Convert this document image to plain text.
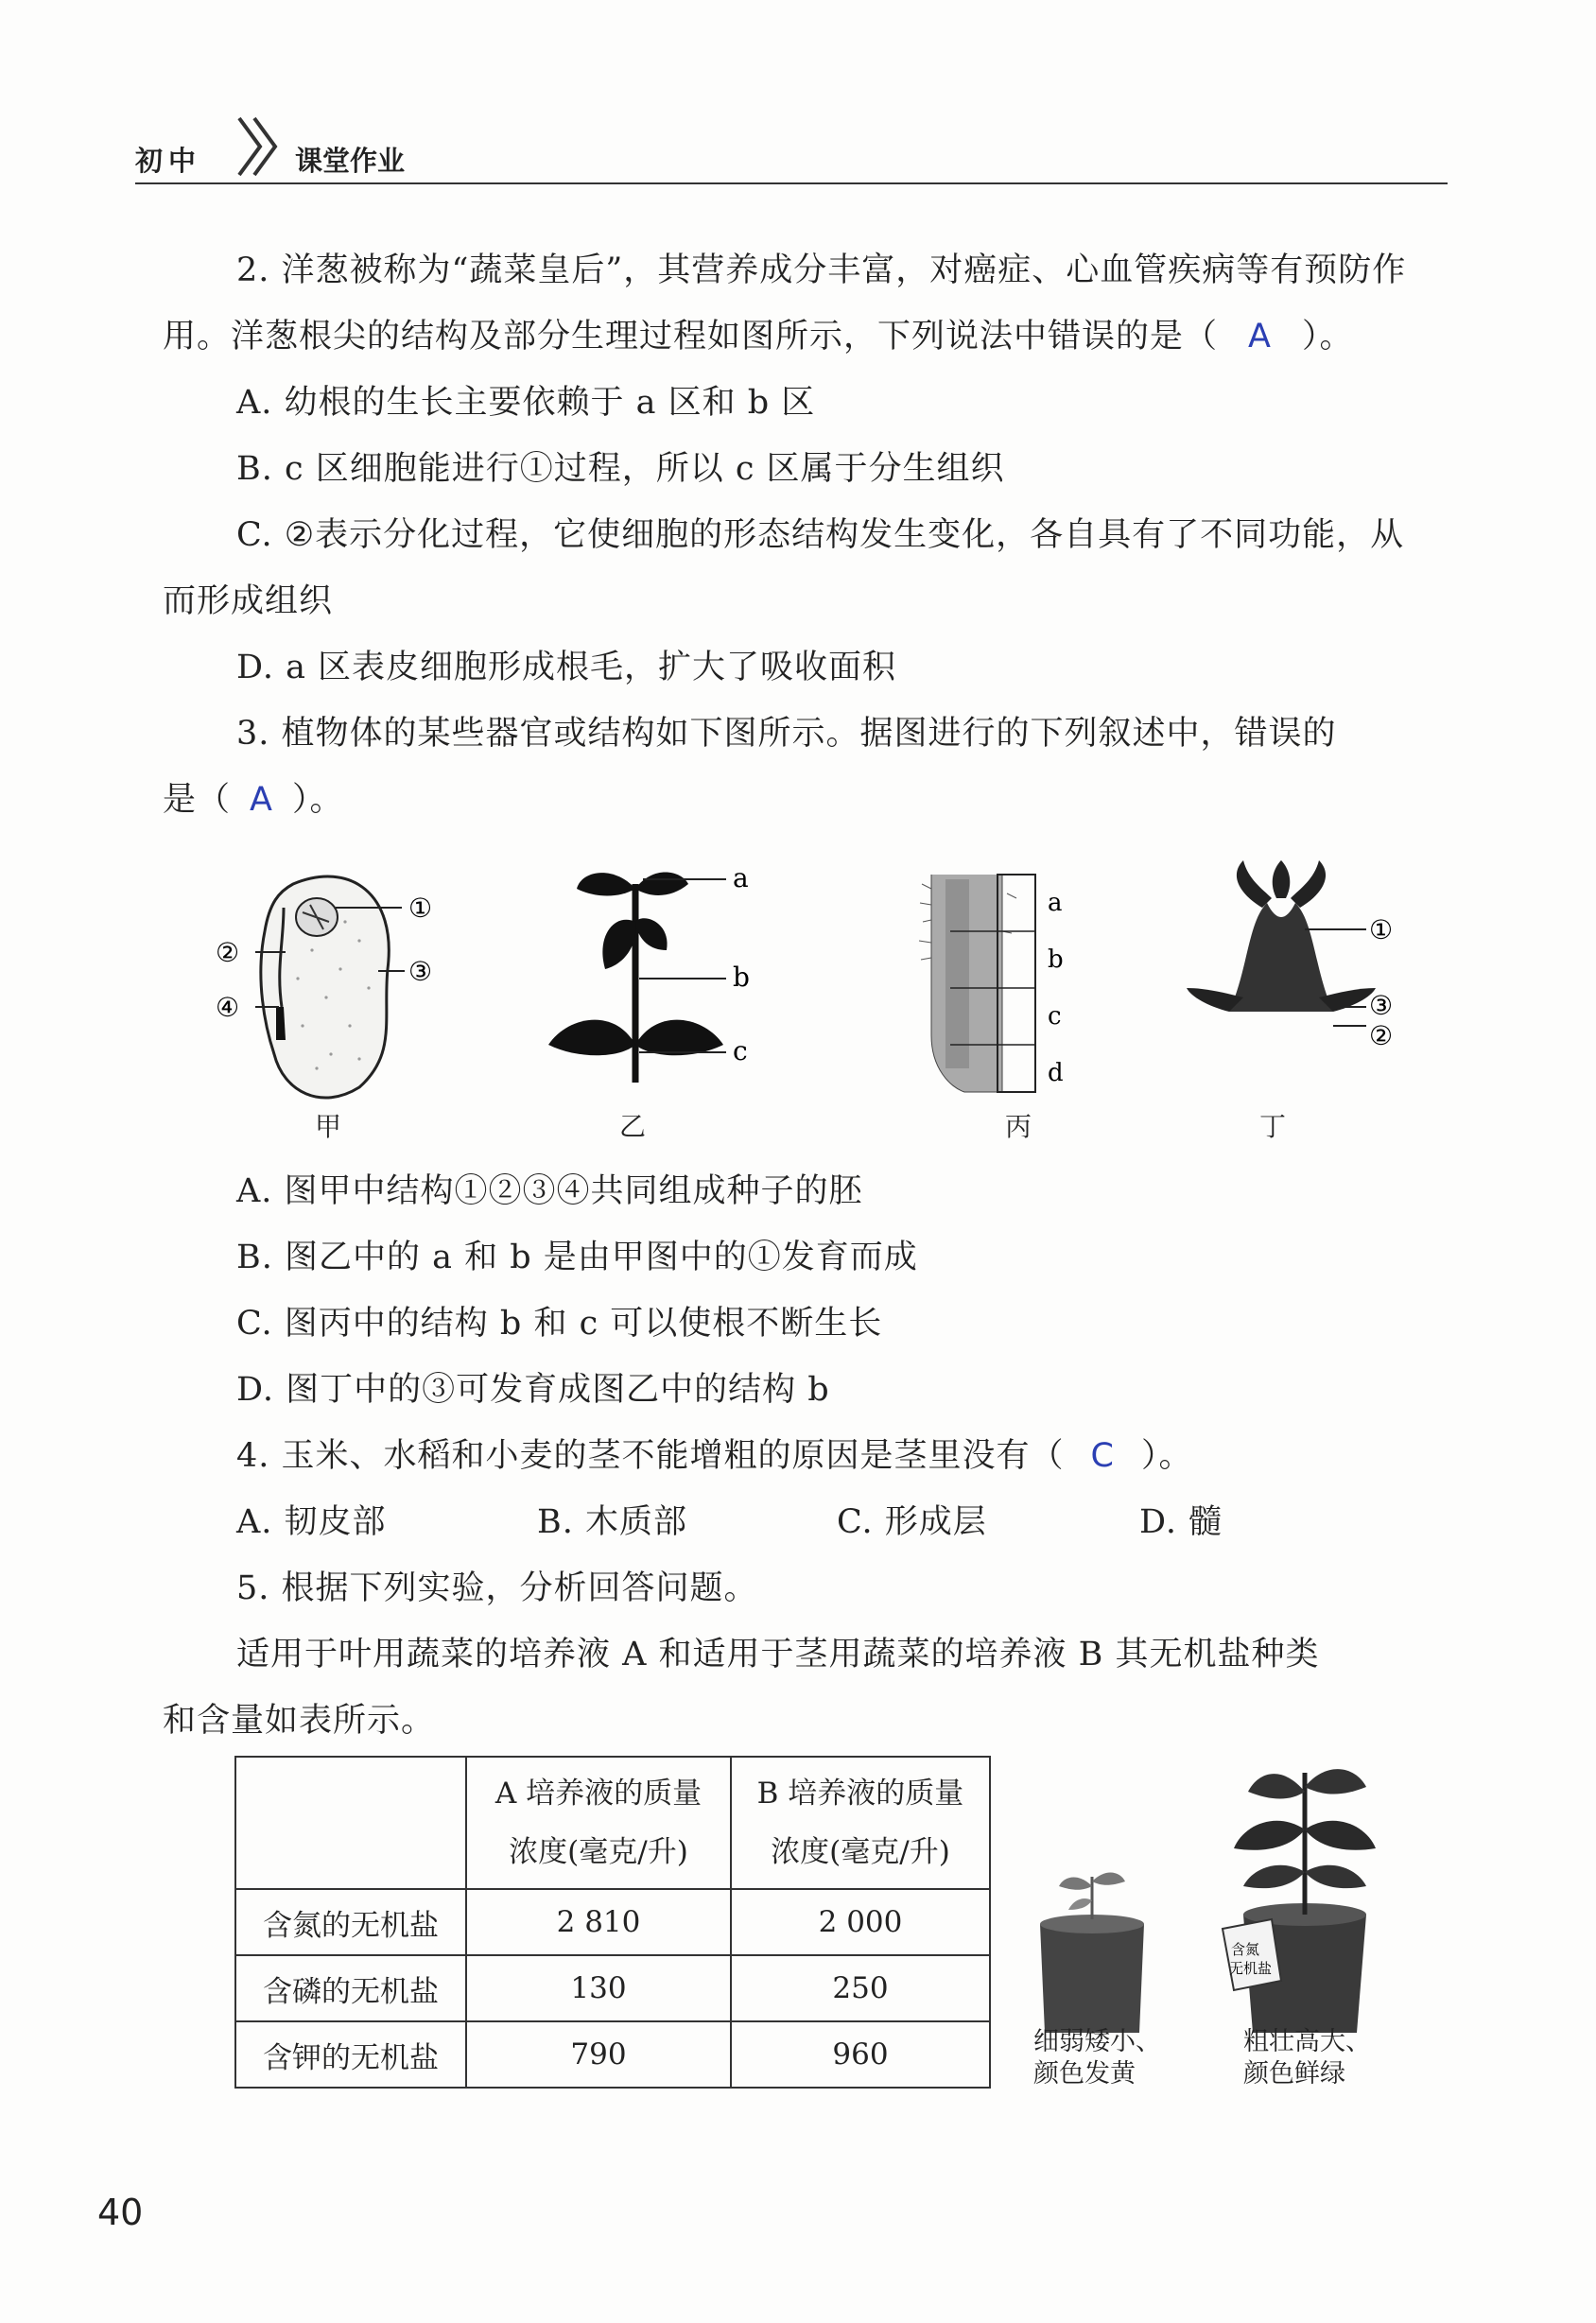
初中	课堂作业
2. 洋葱被称为“蔬菜皇后”，其营养成分丰富，对癌症、心血管疾病等有预防作
用。洋葱根尖的结构及部分生理过程如图所示，下列说法中错误的是（ A ）。
A. 幼根的生长主要依赖于 a 区和 b 区
B. c 区细胞能进行①过程，所以 c 区属于分生组织
C. ②表示分化过程，它使细胞的形态结构发生变化，各自具有了不同功能，从
而形成组织
D. a 区表皮细胞形成根毛，扩大了吸收面积
3. 植物体的某些器官或结构如下图所示。据图进行的下列叙述中，错误的
是（ A ）。
①
②
③
④
甲
a
b
c
乙
a
b
c
d
丙
①
③
②
丁
A. 图甲中结构①②③④共同组成种子的胚
B. 图乙中的 a 和 b 是由甲图中的①发育而成
C. 图丙中的结构 b 和 c 可以使根不断生长
D. 图丁中的③可发育成图乙中的结构 b
4. 玉米、水稻和小麦的茎不能增粗的原因是茎里没有（ C ）。
A. 韧皮部	B. 木质部	C. 形成层	D. 髓
5. 根据下列实验，分析回答问题。
适用于叶用蔬菜的培养液 A 和适用于茎用蔬菜的培养液 B 其无机盐种类
和含量如表所示。
	A 培养液的质量
浓度(毫克/升)	B 培养液的质量
浓度(毫克/升)
含氮的无机盐	2 810	2 000
含磷的无机盐	130	250
含钾的无机盐	790	960	细弱矮小、
颜色发黄
含氮
无机盐
粗壮高大、
颜色鲜绿
40
